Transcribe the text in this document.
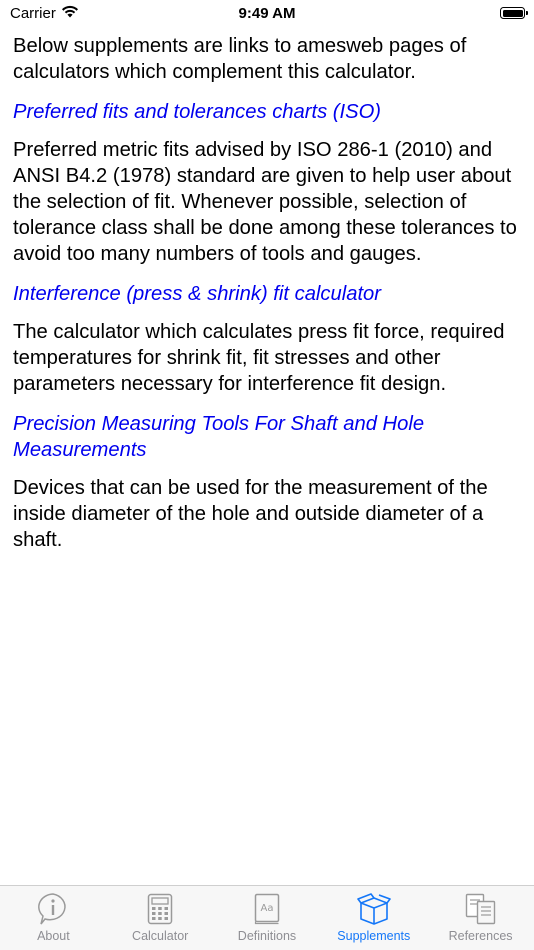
Carrier	9:49 AM

Below supplements are links to amesweb pages of calculators which complement this calculator.

Preferred fits and tolerances charts (ISO)

Preferred metric fits advised by ISO 286-1 (2010) and ANSI B4.2 (1978) standard are given to help user about the selection of fit. Whenever possible, selection of tolerance class shall be done among these tolerances to avoid too many numbers of tools and gauges.

Interference (press & shrink) fit calculator

The calculator which calculates press fit force, required temperatures for shrink fit, fit stresses and other parameters necessary for interference fit design.

Precision Measuring Tools For Shaft and Hole Measurements

Devices that can be used for the measurement of the inside diameter of the hole and outside diameter of a shaft.

About	Calculator
Aa
Definitions	Supplements	References
